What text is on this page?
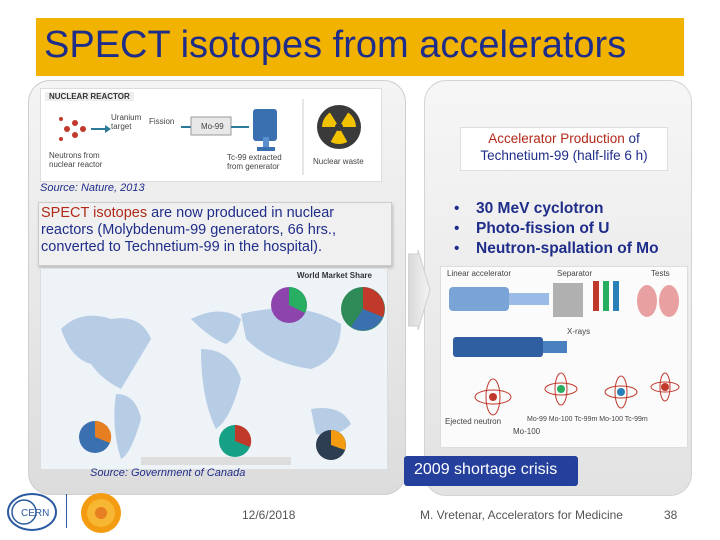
SPECT isotopes from accelerators
NUCLEAR REACTOR
Uranium target
Fission
Mo-99
Neutrons from nuclear reactor
Tc-99 extracted from generator
Nuclear waste
Source: Nature, 2013

SPECT isotopes are now produced in nuclear reactors (Molybdenum-99 generators, 66 hrs., converted to Technetium-99 in the hospital).

World Market Share
Source: Government of Canada
Accelerator Production of
Technetium-99 (half-life 6 h)
• 30 MeV cyclotron
• Photo-fission of U
• Neutron-spallation of Mo
Linear accelerator	Separator	Tests
X-rays
Ejected neutron
Mo-100
Mo-99 Mo-100 Tc-99m Mo-100 Tc-99m
2009 shortage crisis
CERN	12/6/2018	M. Vretenar, Accelerators for Medicine	38
